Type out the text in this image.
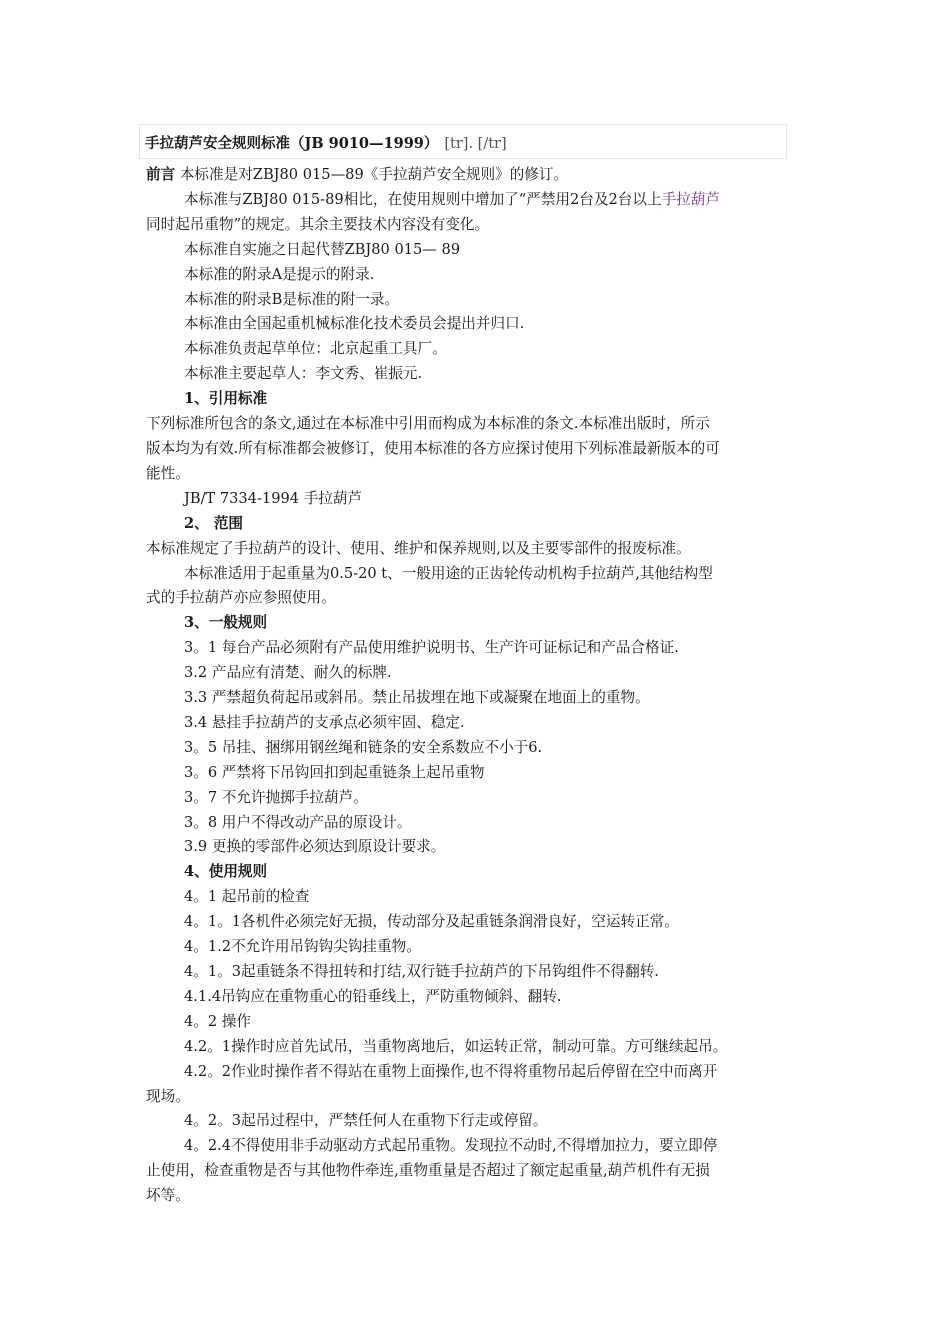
手拉葫芦安全规则标准（JB 9010—1999） [tr]. [/tr]
前言 本标准是对ZBJ80 015—89《手拉葫芦安全规则》的修订。
本标准与ZBJ80 015-89相比，在使用规则中增加了“严禁用2台及2台以上手拉葫芦
同时起吊重物”的规定。其余主要技术内容没有变化。
本标准自实施之日起代替ZBJ80 015— 89
本标准的附录A是提示的附录.
本标准的附录B是标准的附一录。
本标准由全国起重机械标准化技术委员会提出并归口.
本标准负责起草单位：北京起重工具厂。
本标准主要起草人：李文秀、崔振元.
1、引用标准
下列标准所包含的条文,通过在本标准中引用而构成为本标准的条文.本标准出版时，所示
版本均为有效.所有标准都会被修订，使用本标准的各方应探讨使用下列标准最新版本的可
能性。
JB/T 7334-1994 手拉葫芦
2、 范围
本标准规定了手拉葫芦的设计、使用、维护和保养规则,以及主要零部件的报废标准。
本标准适用于起重量为0.5-20 t、一般用途的正齿轮传动机构手拉葫芦,其他结构型
式的手拉葫芦亦应参照使用。
3、一般规则
3。1 每台产品必须附有产品使用维护说明书、生产许可证标记和产品合格证.
3.2 产品应有清楚、耐久的标牌.
3.3 严禁超负荷起吊或斜吊。禁止吊拔埋在地下或凝聚在地面上的重物。
3.4 悬挂手拉葫芦的支承点必须牢固、稳定.
3。5 吊挂、捆绑用钢丝绳和链条的安全系数应不小于6.
3。6 严禁将下吊钩回扣到起重链条上起吊重物
3。7 不允许抛掷手拉葫芦。
3。8 用户不得改动产品的原设计。
3.9 更换的零部件必须达到原设计要求。
4、使用规则
4。1 起吊前的检查
4。1。1各机件必须完好无损，传动部分及起重链条润滑良好，空运转正常。
4。1.2不允许用吊钩钩尖钩挂重物。
4。1。3起重链条不得扭转和打结,双行链手拉葫芦的下吊钩组件不得翻转.
4.1.4吊钩应在重物重心的铅垂线上，严防重物倾斜、翻转.
4。2 操作
4.2。1操作时应首先试吊，当重物离地后，如运转正常，制动可靠。方可继续起吊。
4.2。2作业时操作者不得站在重物上面操作,也不得将重物吊起后停留在空中而离开
现场。
4。2。3起吊过程中，严禁任何人在重物下行走或停留。
4。2.4不得使用非手动驱动方式起吊重物。发现拉不动时,不得增加拉力，要立即停
止使用，检查重物是否与其他物件牵连,重物重量是否超过了额定起重量,葫芦机件有无损
坏等。
